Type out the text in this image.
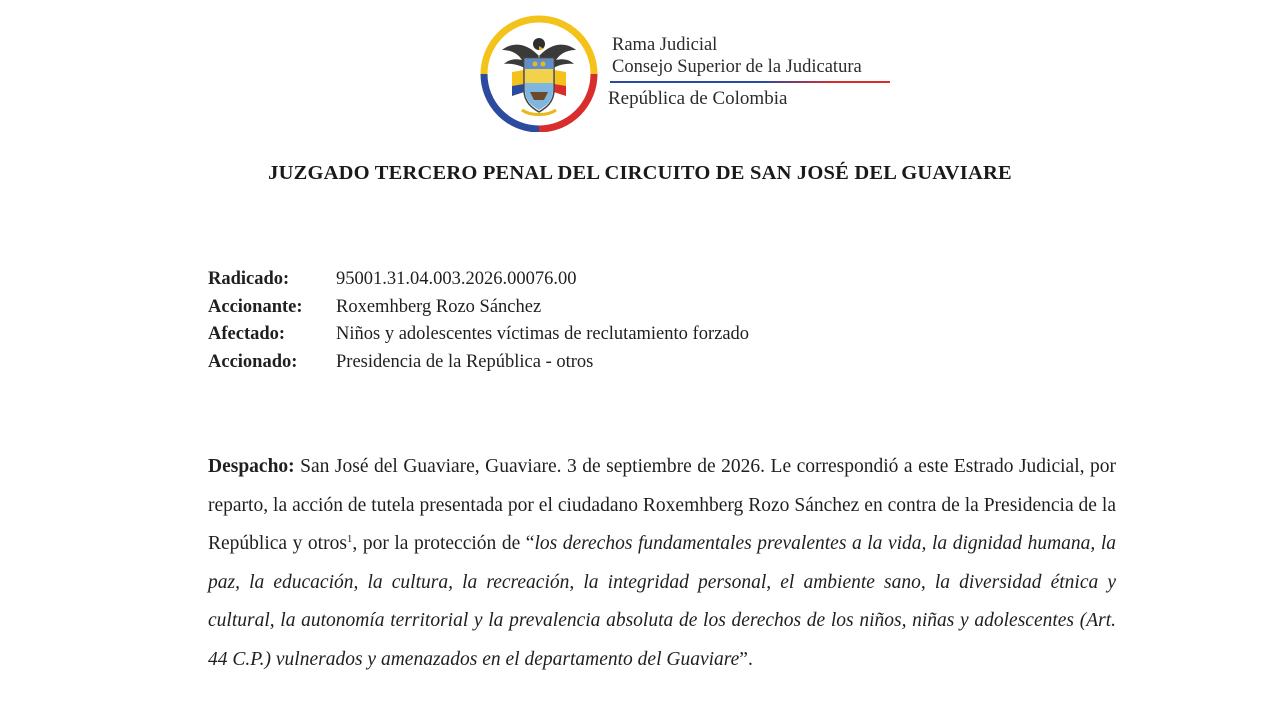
Rama Judicial
Consejo Superior de la Judicatura
República de Colombia
JUZGADO TERCERO PENAL DEL CIRCUITO DE SAN JOSÉ DEL GUAVIARE
Radicado:	95001.31.04.003.2026.00076.00
Accionante:	Roxemhberg Rozo Sánchez
Afectado:	Niños y adolescentes víctimas de reclutamiento forzado
Accionado:	Presidencia de la República - otros

Despacho: San José del Guaviare, Guaviare. 3 de septiembre de 2026. Le correspondió a este Estrado Judicial, por reparto, la acción de tutela presentada por el ciudadano Roxemhberg Rozo Sánchez en contra de la Presidencia de la República y otros$^1$, por la protección de “los derechos fundamentales prevalentes a la vida, la dignidad humana, la paz, la educación, la cultura, la recreación, la integridad personal, el ambiente sano, la diversidad étnica y cultural, la autonomía territorial y la prevalencia absoluta de los derechos de los niños, niñas y adolescentes (Art. 44 C.P.) vulnerados y amenazados en el departamento del Guaviare”.
